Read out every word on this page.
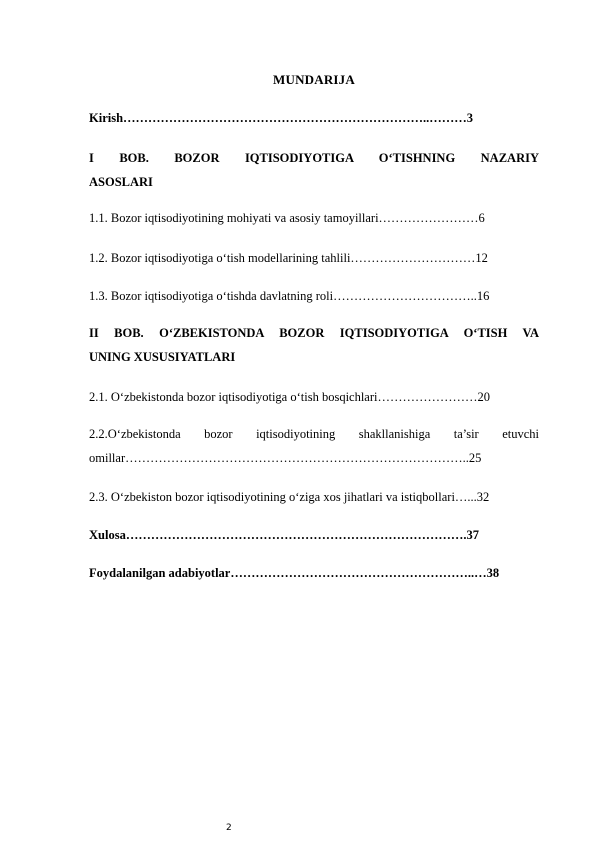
MUNDARIJA
Kirish………………………………………………………………..………3
I BOB. BOZOR IQTISODIYOTIGA O‘TISHNING NAZARIY
ASOSLARI
1.1. Bozor iqtisodiyotining mohiyati va asosiy tamoyillari……………………6
1.2. Bozor iqtisodiyotiga o‘tish modellarining tahlili…………………………12
1.3. Bozor iqtisodiyotiga o‘tishda davlatning roli……………………………..16
II BOB. O‘ZBEKISTONDA BOZOR IQTISODIYOTIGA O‘TISH VA
UNING XUSUSIYATLARI
2.1. O‘zbekistonda bozor iqtisodiyotiga o‘tish bosqichlari……………………20
2.2.O‘zbekistonda bozor iqtisodiyotining shakllanishiga ta’sir etuvchi
omillar………………………………………………………………………..25
2.3. O‘zbekiston bozor iqtisodiyotining o‘ziga xos jihatlari va istiqbollari…...32
Xulosa……………………………………………………………………….37
Foydalanilgan adabiyotlar…………………………………………………..…38
2
